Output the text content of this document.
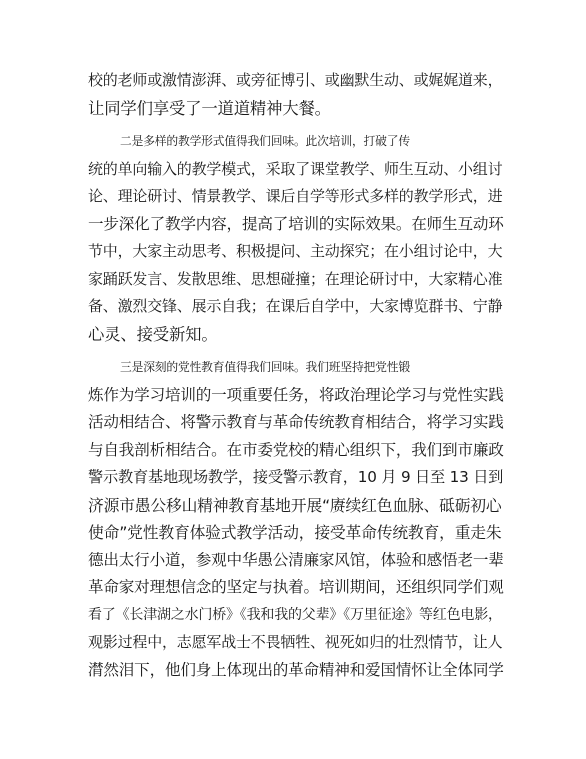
校的老师或激情澎湃、或旁征博引、或幽默生动、或娓娓道来，
让同学们享受了一道道精神大餐。
二是多样的教学形式值得我们回味。此次培训，打破了传
统的单向输入的教学模式，采取了课堂教学、师生互动、小组讨
论、理论研讨、情景教学、课后自学等形式多样的教学形式，进
一步深化了教学内容，提高了培训的实际效果。在师生互动环
节中，大家主动思考、积极提问、主动探究；在小组讨论中，大
家踊跃发言、发散思维、思想碰撞；在理论研讨中，大家精心准
备、激烈交锋、展示自我；在课后自学中，大家博览群书、宁静
心灵、接受新知。
三是深刻的党性教育值得我们回味。我们班坚持把党性锻
炼作为学习培训的一项重要任务，将政治理论学习与党性实践
活动相结合、将警示教育与革命传统教育相结合，将学习实践
与自我剖析相结合。在市委党校的精心组织下，我们到市廉政
警示教育基地现场教学，接受警示教育，10 月 9 日至 13 日到
济源市愚公移山精神教育基地开展“赓续红色血脉、砥砺初心
使命”党性教育体验式教学活动，接受革命传统教育，重走朱
德出太行小道，参观中华愚公清廉家风馆，体验和感悟老一辈
革命家对理想信念的坚定与执着。培训期间，还组织同学们观
看了《长津湖之水门桥》《我和我的父辈》《万里征途》等红色电影，
观影过程中，志愿军战士不畏牺牲、视死如归的壮烈情节，让人
潸然泪下，他们身上体现出的革命精神和爱国情怀让全体同学
